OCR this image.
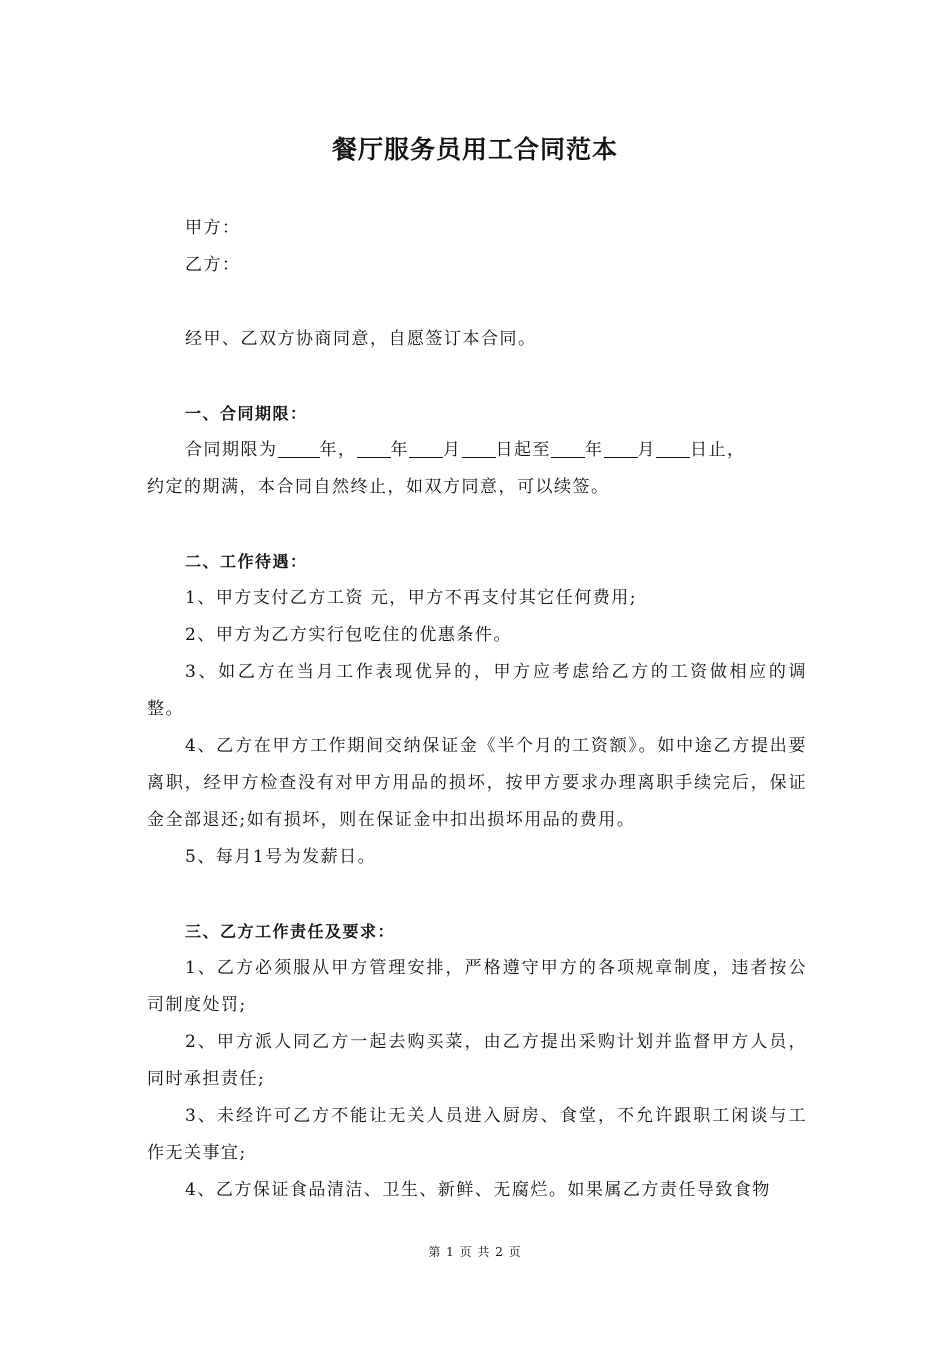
餐厅服务员用工合同范本

甲方：

乙方：

经甲、乙双方协商同意，自愿签订本合同。

一、合同期限：

合同期限为 年， 年 月 日起至 年 月 日止，

约定的期满，本合同自然终止，如双方同意，可以续签。

二、工作待遇：

1、甲方支付乙方工资 元，甲方不再支付其它任何费用;

2、甲方为乙方实行包吃住的优惠条件。

3、如乙方在当月工作表现优异的，甲方应考虑给乙方的工资做相应的调整。

4、乙方在甲方工作期间交纳保证金《半个月的工资额》。如中途乙方提出要离职，经甲方检查没有对甲方用品的损坏，按甲方要求办理离职手续完后，保证金全部退还;如有损坏，则在保证金中扣出损坏用品的费用。

5、每月1号为发薪日。

三、乙方工作责任及要求：

1、乙方必须服从甲方管理安排，严格遵守甲方的各项规章制度，违者按公司制度处罚;

2、甲方派人同乙方一起去购买菜，由乙方提出采购计划并监督甲方人员，同时承担责任;

3、未经许可乙方不能让无关人员进入厨房、食堂，不允许跟职工闲谈与工作无关事宜;

4、乙方保证食品清洁、卫生、新鲜、无腐烂。如果属乙方责任导致食物

第 1 页 共 2 页
